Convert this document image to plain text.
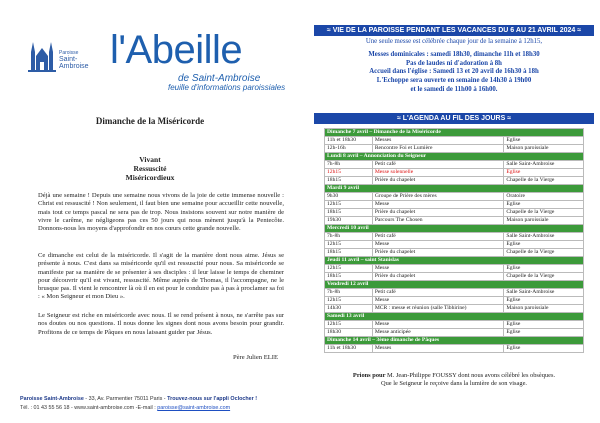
Paroisse
Saint-Ambroise l'Abeille
de Saint-Ambroise
feuille d'informations paroissiales
Dimanche de la Miséricorde
Vivant
Ressuscité
Miséricordieux

Déjà une semaine ! Depuis une semaine nous vivons de la joie de cette immense nouvelle : Christ est ressuscité ! Non seulement, il faut bien une semaine pour accueillir cette nouvelle, mais tout ce temps pascal ne sera pas de trop. Nous insistons souvent sur notre manière de vivre le carême, ne négligeons pas ces 50 jours qui nous mènent jusqu'à la Pentecôte. Donnons-nous les moyens d'approfondir en nos cœurs cette grande nouvelle.

Ce dimanche est celui de la miséricorde. Il s'agit de la manière dont nous aime. Jésus se présente à nous. C'est dans sa miséricorde qu'il est ressuscité pour nous. Sa miséricorde se manifeste par sa manière de se présenter à ses disciples : il leur laisse le temps de cheminer pour découvrir qu'il est vivant, ressuscité. Même auprès de Thomas, il l'accompagne, ne le brusque pas. Il vient le rencontrer là où il en est pour le conduire pas à pas à proclamer sa foi : « Mon Seigneur et mon Dieu ».

Le Seigneur est riche en miséricorde avec nous. Il se rend présent à nous, ne s'arrête pas sur nos doutes ou nos questions. Il nous donne les signes dont nous avons besoin pour grandir. Profitons de ce temps de Pâques en nous laissant guider par Jésus.

Père Julien ELIE
Paroisse Saint-Ambroise - 33, Av. Parmentier 75011 Paris - Trouvez-nous sur l'appli Oclocher !
Tél. : 01 43 55 56 18 - www.saint-ambroise.com -E-mail : paroisse@saint-ambroise.com
≈ VIE DE LA PAROISSE PENDANT LES VACANCES DU 6 AU 21 AVRIL 2024 ≈
Une seule messe est célébrée chaque jour de la semaine à 12h15,
Messes dominicales : samedi 18h30, dimanche 11h et 18h30
Pas de laudes ni d'adoration à 8h
Accueil dans l'église : Samedi 13 et 20 avril de 16h30 à 18h
L'Echoppe sera ouverte en semaine de 14h30 à 19h00
et le samedi de 11h00 à 16h00.
≈ L'AGENDA AU FIL DES JOURS ≈
Dimanche 7 avril – Dimanche de la Miséricorde		
11h et 18h30	Messes	Église
12h-16h	Rencontre Foi et Lumière	Maison paroissiale
Lundi 8 avril – Annonciation du Seigneur		
7h-8h	Petit café	Salle Saint-Ambroise
12h15	Messe solennelle	Église
18h15	Prière du chapelet	Chapelle de la Vierge
Mardi 9 avril		
9h30	Groupe de Prière des mères	Oratoire
12h15	Messe	Église
18h15	Prière du chapelet	Chapelle de la Vierge
19h30	Parcours The Chosen	Maison paroissiale
Mercredi 10 avril		
7h-8h	Petit café	Salle Saint-Ambroise
12h15	Messe	Église
18h15	Prière du chapelet	Chapelle de la Vierge
Jeudi 11 avril – saint Stanislas		
12h15	Messe	Église
18h15	Prière du chapelet	Chapelle de la Vierge
Vendredi 12 avril		
7h-8h	Petit café	Salle Saint-Ambroise
12h15	Messe	Église
14h30	MCR : messe et réunion (salle Tibhirine)	Maison paroissiale
Samedi 13 avril		
12h15	Messe	Église
18h30	Messe anticipée	Église
Dimanche 14 avril – 3ème dimanche de Pâques		
11h et 18h30	Messes	Église
Prions pour M. Jean-Philippe FOUSSY dont nous avons célébré les obsèques.
Que le Seigneur le reçoive dans la lumière de son visage.
